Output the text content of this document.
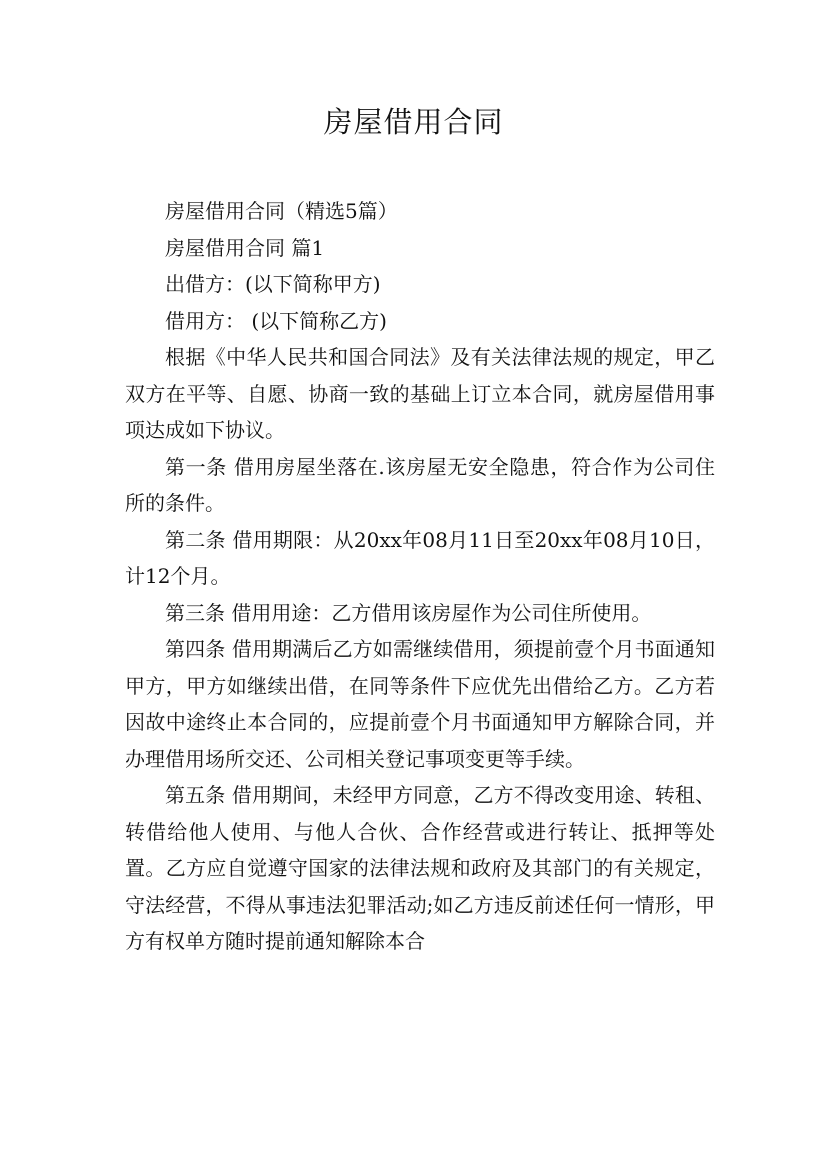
房屋借用合同

房屋借用合同（精选5篇）

房屋借用合同 篇1

出借方：(以下简称甲方)

借用方： (以下简称乙方)

根据《中华人民共和国合同法》及有关法律法规的规定，甲乙双方在平等、自愿、协商一致的基础上订立本合同，就房屋借用事项达成如下协议。

第一条 借用房屋坐落在.该房屋无安全隐患，符合作为公司住所的条件。

第二条 借用期限：从20xx年08月11日至20xx年08月10日，计12个月。

第三条 借用用途：乙方借用该房屋作为公司住所使用。

第四条 借用期满后乙方如需继续借用，须提前壹个月书面通知甲方，甲方如继续出借，在同等条件下应优先出借给乙方。乙方若因故中途终止本合同的，应提前壹个月书面通知甲方解除合同，并办理借用场所交还、公司相关登记事项变更等手续。

第五条 借用期间，未经甲方同意，乙方不得改变用途、转租、转借给他人使用、与他人合伙、合作经营或进行转让、抵押等处置。乙方应自觉遵守国家的法律法规和政府及其部门的有关规定，守法经营，不得从事违法犯罪活动;如乙方违反前述任何一情形，甲方有权单方随时提前通知解除本合
